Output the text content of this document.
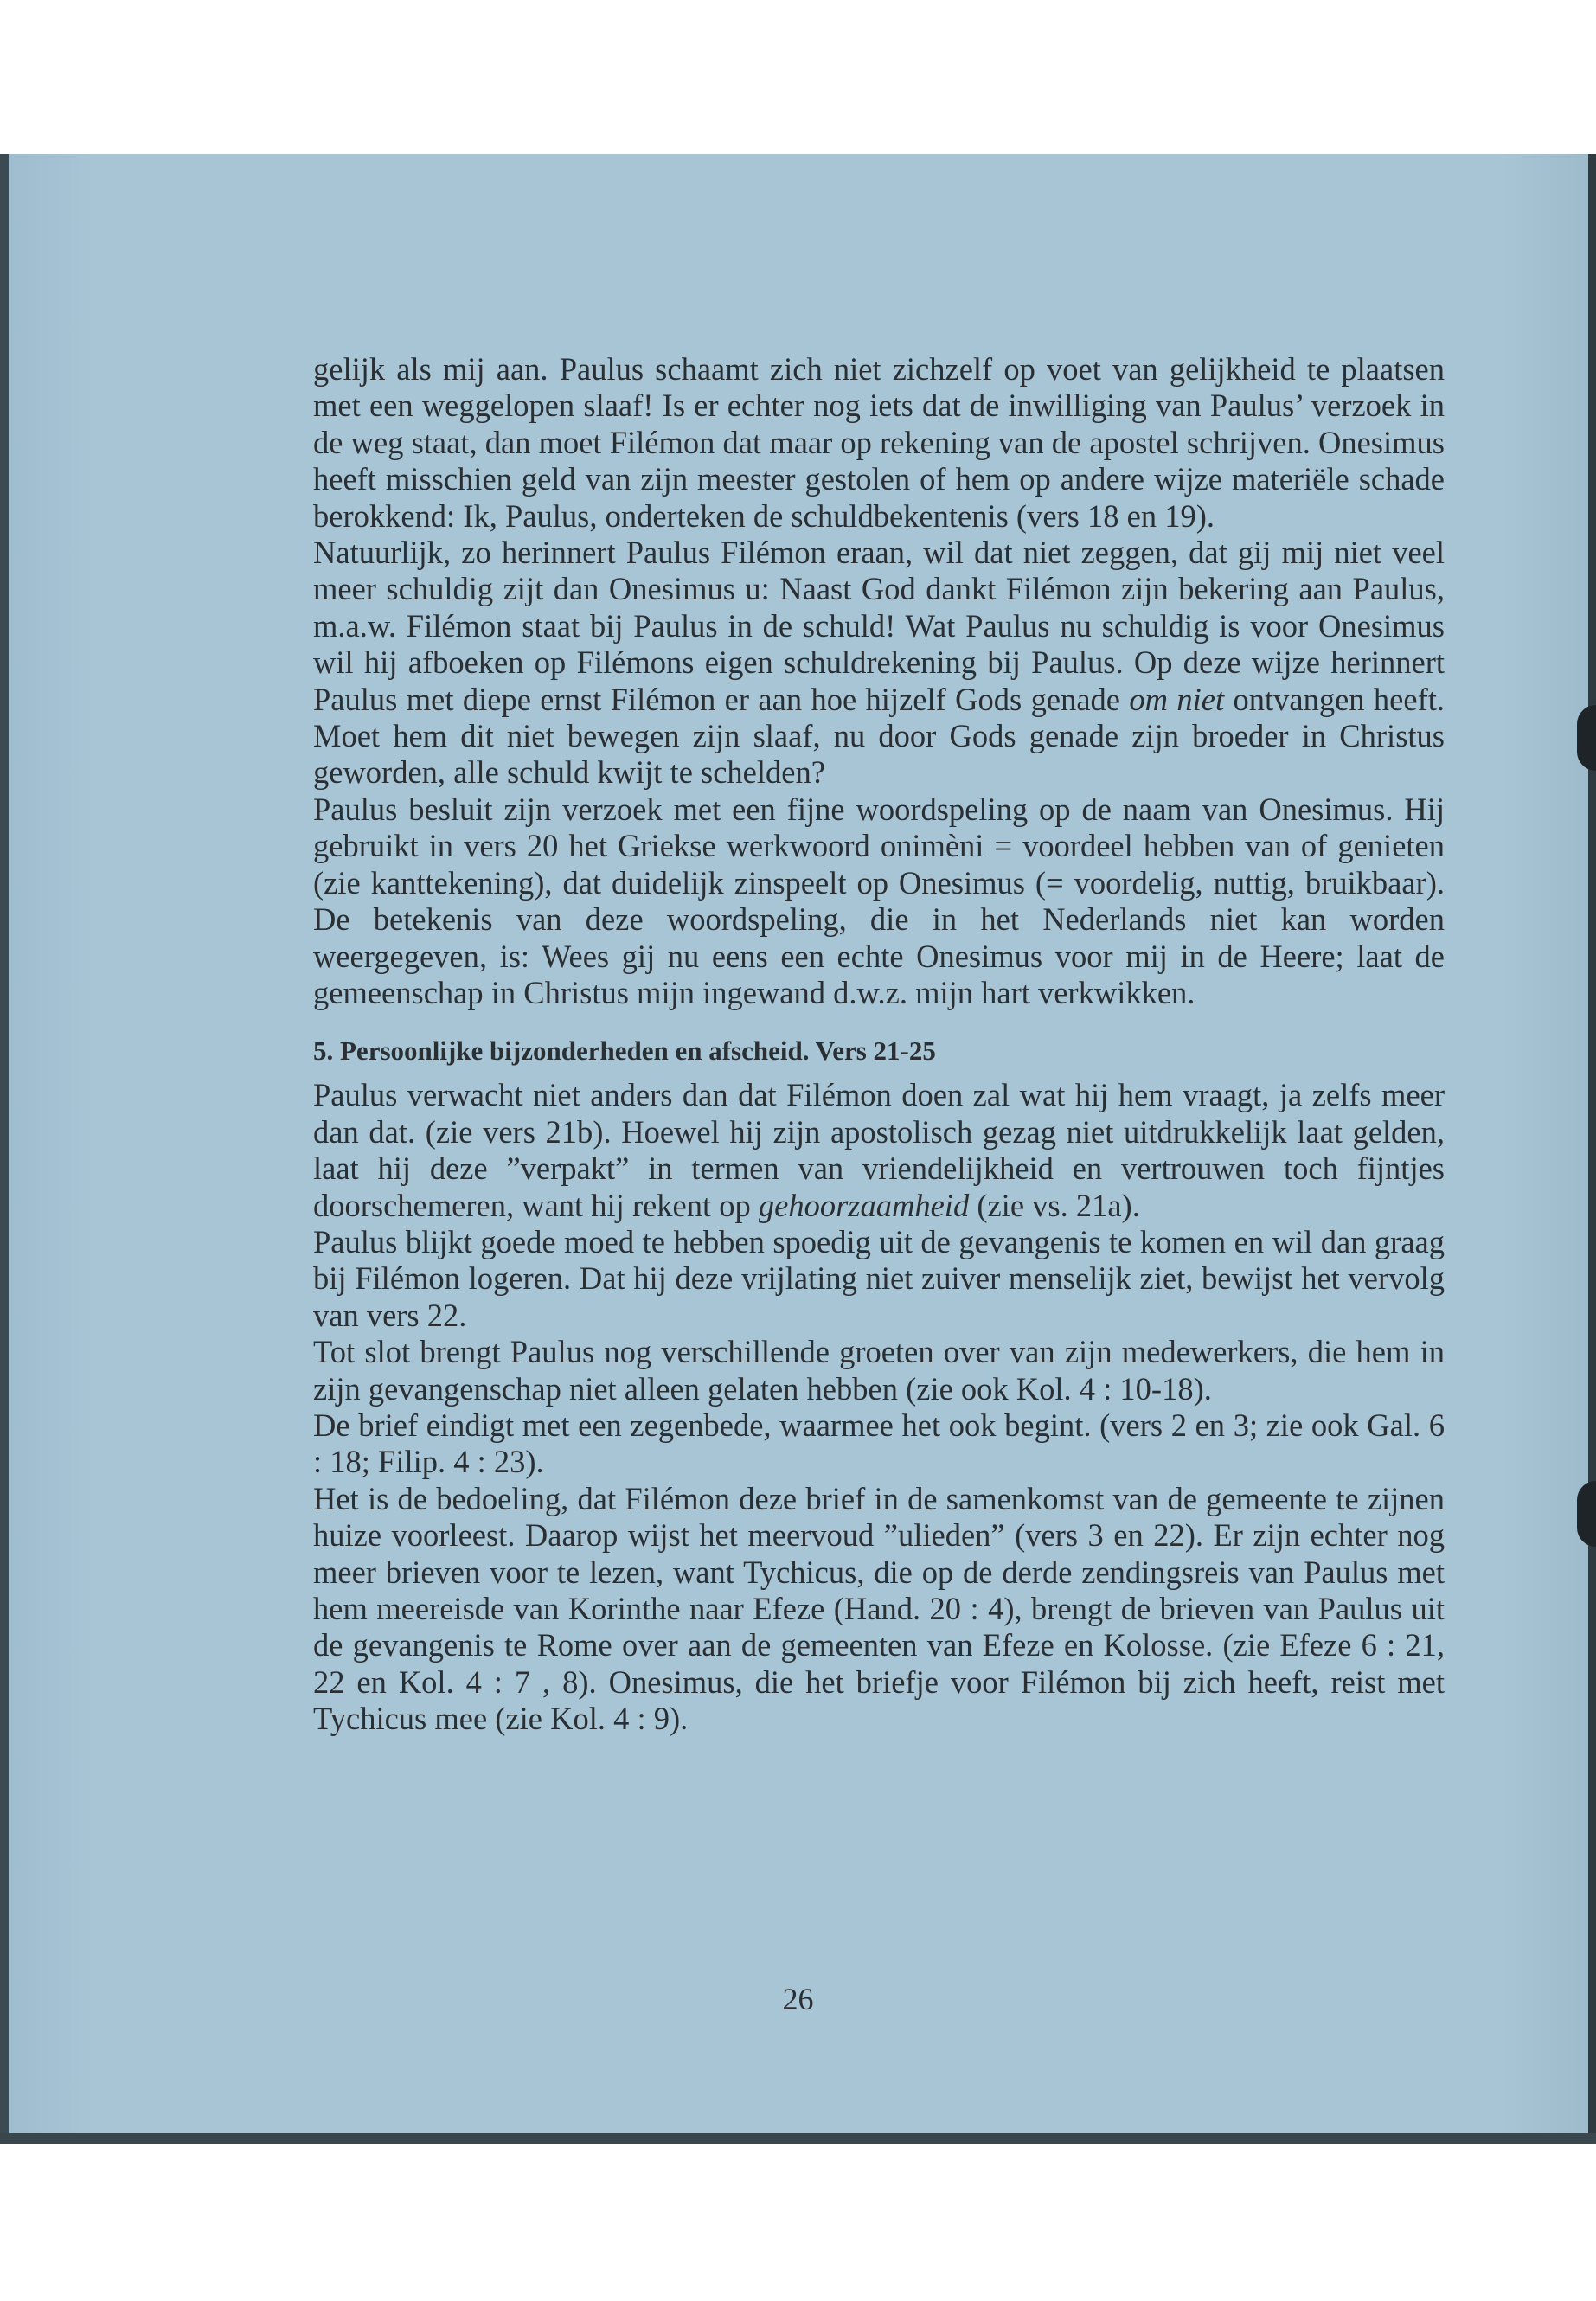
gelijk als mij aan. Paulus schaamt zich niet zichzelf op voet van gelijkheid te plaatsen met een weggelopen slaaf! Is er echter nog iets dat de inwilliging van Paulus’ verzoek in de weg staat, dan moet Filémon dat maar op rekening van de apostel schrijven. Onesimus heeft misschien geld van zijn meester gestolen of hem op andere wijze materiële schade berokkend: Ik, Paulus, onderteken de schuldbekentenis (vers 18 en 19).

Natuurlijk, zo herinnert Paulus Filémon eraan, wil dat niet zeggen, dat gij mij niet veel meer schuldig zijt dan Onesimus u: Naast God dankt Filémon zijn bekering aan Paulus, m.a.w. Filémon staat bij Paulus in de schuld! Wat Paulus nu schuldig is voor Onesimus wil hij afboeken op Filémons eigen schuldrekening bij Paulus. Op deze wijze herinnert Paulus met diepe ernst Filémon er aan hoe hijzelf Gods genade om niet ontvangen heeft. Moet hem dit niet bewegen zijn slaaf, nu door Gods genade zijn broeder in Christus geworden, alle schuld kwijt te schelden?

Paulus besluit zijn verzoek met een fijne woordspeling op de naam van Onesimus. Hij gebruikt in vers 20 het Griekse werkwoord onimèni = voordeel hebben van of genieten (zie kanttekening), dat duidelijk zinspeelt op Onesimus (= voordelig, nuttig, bruikbaar). De betekenis van deze woordspeling, die in het Nederlands niet kan worden weergegeven, is: Wees gij nu eens een echte Onesimus voor mij in de Heere; laat de gemeenschap in Christus mijn ingewand d.w.z. mijn hart verkwikken.

5. Persoonlijke bijzonderheden en afscheid. Vers 21-25

Paulus verwacht niet anders dan dat Filémon doen zal wat hij hem vraagt, ja zelfs meer dan dat. (zie vers 21b). Hoewel hij zijn apostolisch gezag niet uitdrukkelijk laat gelden, laat hij deze ”verpakt” in termen van vriendelijkheid en vertrouwen toch fijntjes doorschemeren, want hij rekent op gehoorzaamheid (zie vs. 21a).

Paulus blijkt goede moed te hebben spoedig uit de gevangenis te komen en wil dan graag bij Filémon logeren. Dat hij deze vrijlating niet zuiver menselijk ziet, bewijst het vervolg van vers 22.

Tot slot brengt Paulus nog verschillende groeten over van zijn medewerkers, die hem in zijn gevangenschap niet alleen gelaten hebben (zie ook Kol. 4 : 10-18).

De brief eindigt met een zegenbede, waarmee het ook begint. (vers 2 en 3; zie ook Gal. 6 : 18; Filip. 4 : 23).

Het is de bedoeling, dat Filémon deze brief in de samenkomst van de gemeente te zijnen huize voorleest. Daarop wijst het meervoud ”ulieden” (vers 3 en 22). Er zijn echter nog meer brieven voor te lezen, want Tychicus, die op de derde zendingsreis van Paulus met hem meereisde van Korinthe naar Efeze (Hand. 20 : 4), brengt de brieven van Paulus uit de gevangenis te Rome over aan de gemeenten van Efeze en Kolosse. (zie Efeze 6 : 21, 22 en Kol. 4 : 7 , 8). Onesimus, die het briefje voor Filémon bij zich heeft, reist met Tychicus mee (zie Kol. 4 : 9).

26
